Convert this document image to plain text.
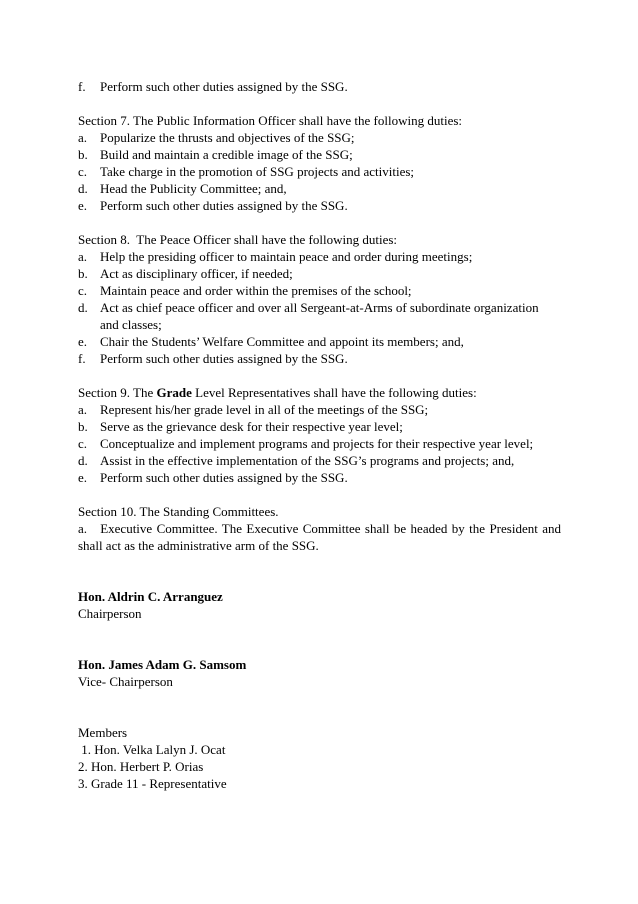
f.	Perform such other duties assigned by the SSG.
Section 7. The Public Information Officer shall have the following duties:
a. Popularize the thrusts and objectives of the SSG;
b. Build and maintain a credible image of the SSG;
c. Take charge in the promotion of SSG projects and activities;
d. Head the Publicity Committee; and,
e. Perform such other duties assigned by the SSG.
Section 8.  The Peace Officer shall have the following duties:
a. Help the presiding officer to maintain peace and order during meetings;
b. Act as disciplinary officer, if needed;
c. Maintain peace and order within the premises of the school;
d. Act as chief peace officer and over all Sergeant-at-Arms of subordinate organization and classes;
e. Chair the Students’ Welfare Committee and appoint its members; and,
f.	Perform such other duties assigned by the SSG.
Section 9. The Grade Level Representatives shall have the following duties:
a. Represent his/her grade level in all of the meetings of the SSG;
b. Serve as the grievance desk for their respective year level;
c. Conceptualize and implement programs and projects for their respective year level;
d. Assist in the effective implementation of the SSG’s programs and projects; and,
e. Perform such other duties assigned by the SSG.
Section 10. The Standing Committees.
a.   Executive Committee. The Executive Committee shall be headed by the President and shall act as the administrative arm of the SSG.
Hon. Aldrin C. Arranguez
Chairperson
Hon. James Adam G. Samsom
Vice- Chairperson
Members
1. Hon. Velka Lalyn J. Ocat
2. Hon. Herbert P. Orias
3. Grade 11 - Representative
